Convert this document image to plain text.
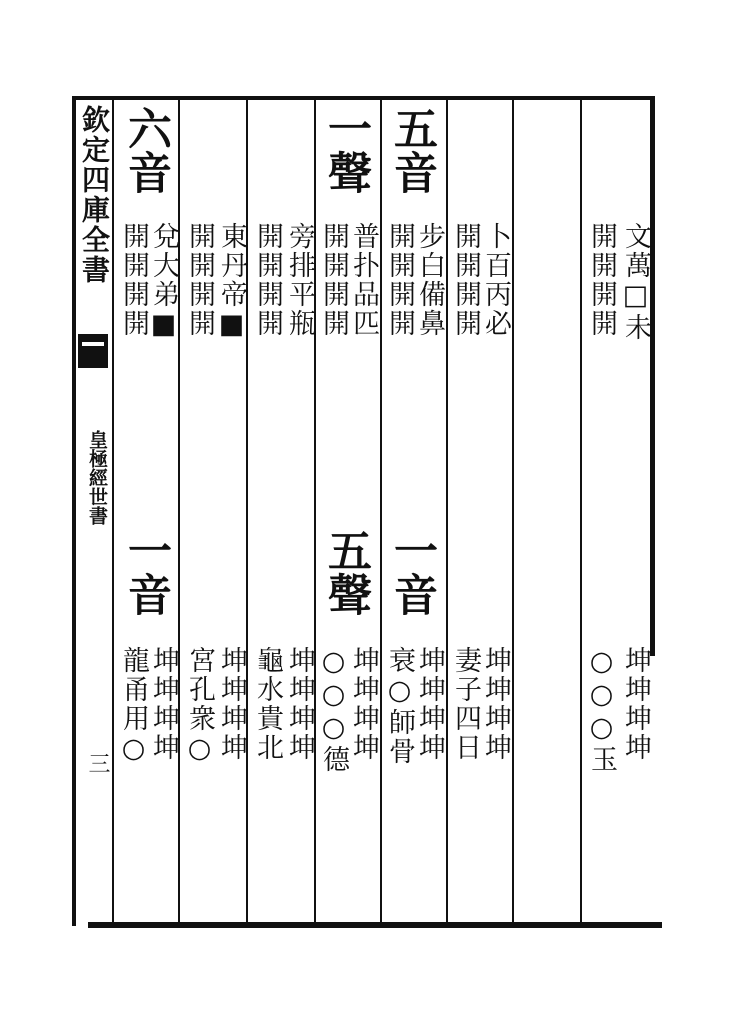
欽定四庫全書
皇極經世書
三
六音	一聲 五音
文萬□未
開開開開
卜百丙必
開開開開
步白備鼻
開開開開
普扑品匹
開開開開
旁排平瓶
開開開開
東丹帝■
開開開開
兌大弟■
開開開開
一音	五聲 一音
坤坤坤坤
○○○玉
坤坤坤坤
妻子四日
坤坤坤坤
衰○師骨
坤坤坤坤
○○○德
坤坤坤坤
龜水貴北
坤坤坤坤
宮孔衆○
坤坤坤坤
龍甬用○
